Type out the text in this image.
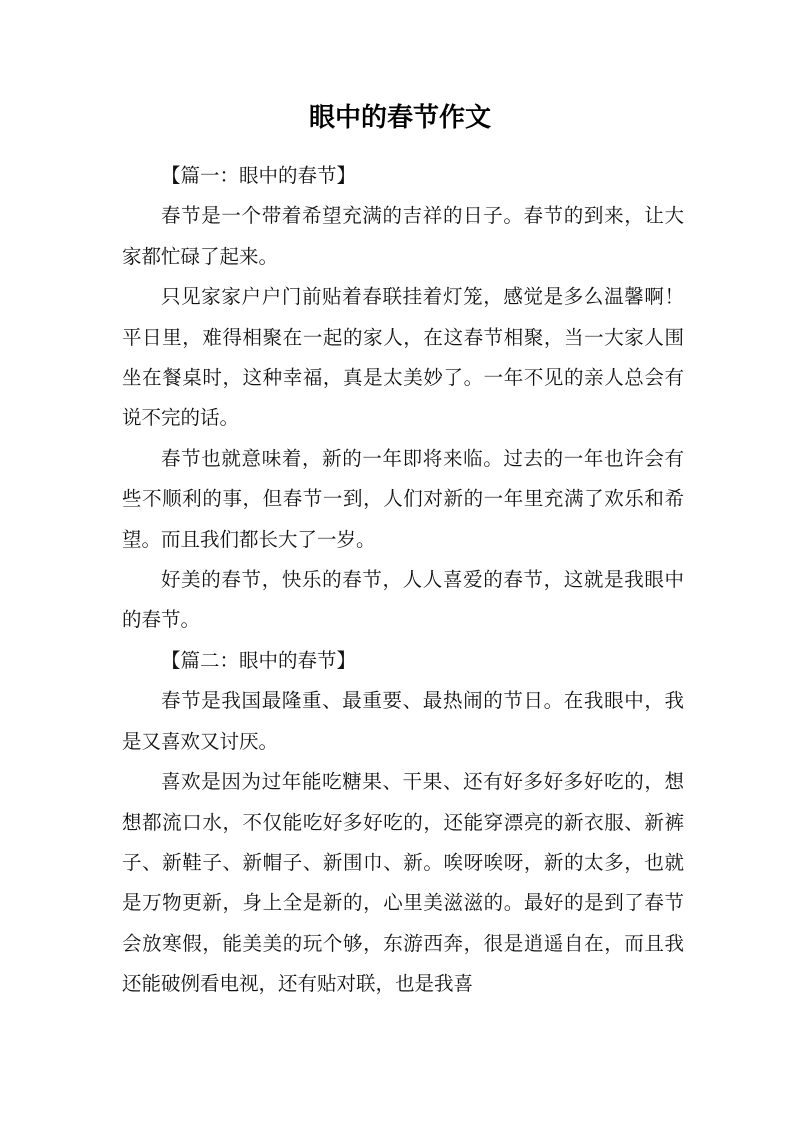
眼中的春节作文

【篇一：眼中的春节】

春节是一个带着希望充满的吉祥的日子。春节的到来，让大家都忙碌了起来。

只见家家户户门前贴着春联挂着灯笼，感觉是多么温馨啊！平日里，难得相聚在一起的家人，在这春节相聚，当一大家人围坐在餐桌时，这种幸福，真是太美妙了。一年不见的亲人总会有说不完的话。

春节也就意味着，新的一年即将来临。过去的一年也许会有些不顺利的事，但春节一到，人们对新的一年里充满了欢乐和希望。而且我们都长大了一岁。

好美的春节，快乐的春节，人人喜爱的春节，这就是我眼中的春节。

【篇二：眼中的春节】

春节是我国最隆重、最重要、最热闹的节日。在我眼中，我是又喜欢又讨厌。

喜欢是因为过年能吃糖果、干果、还有好多好多好吃的，想想都流口水，不仅能吃好多好吃的，还能穿漂亮的新衣服、新裤子、新鞋子、新帽子、新围巾、新。唉呀唉呀，新的太多，也就是万物更新，身上全是新的，心里美滋滋的。最好的是到了春节会放寒假，能美美的玩个够，东游西奔，很是逍遥自在，而且我还能破例看电视，还有贴对联，也是我喜
